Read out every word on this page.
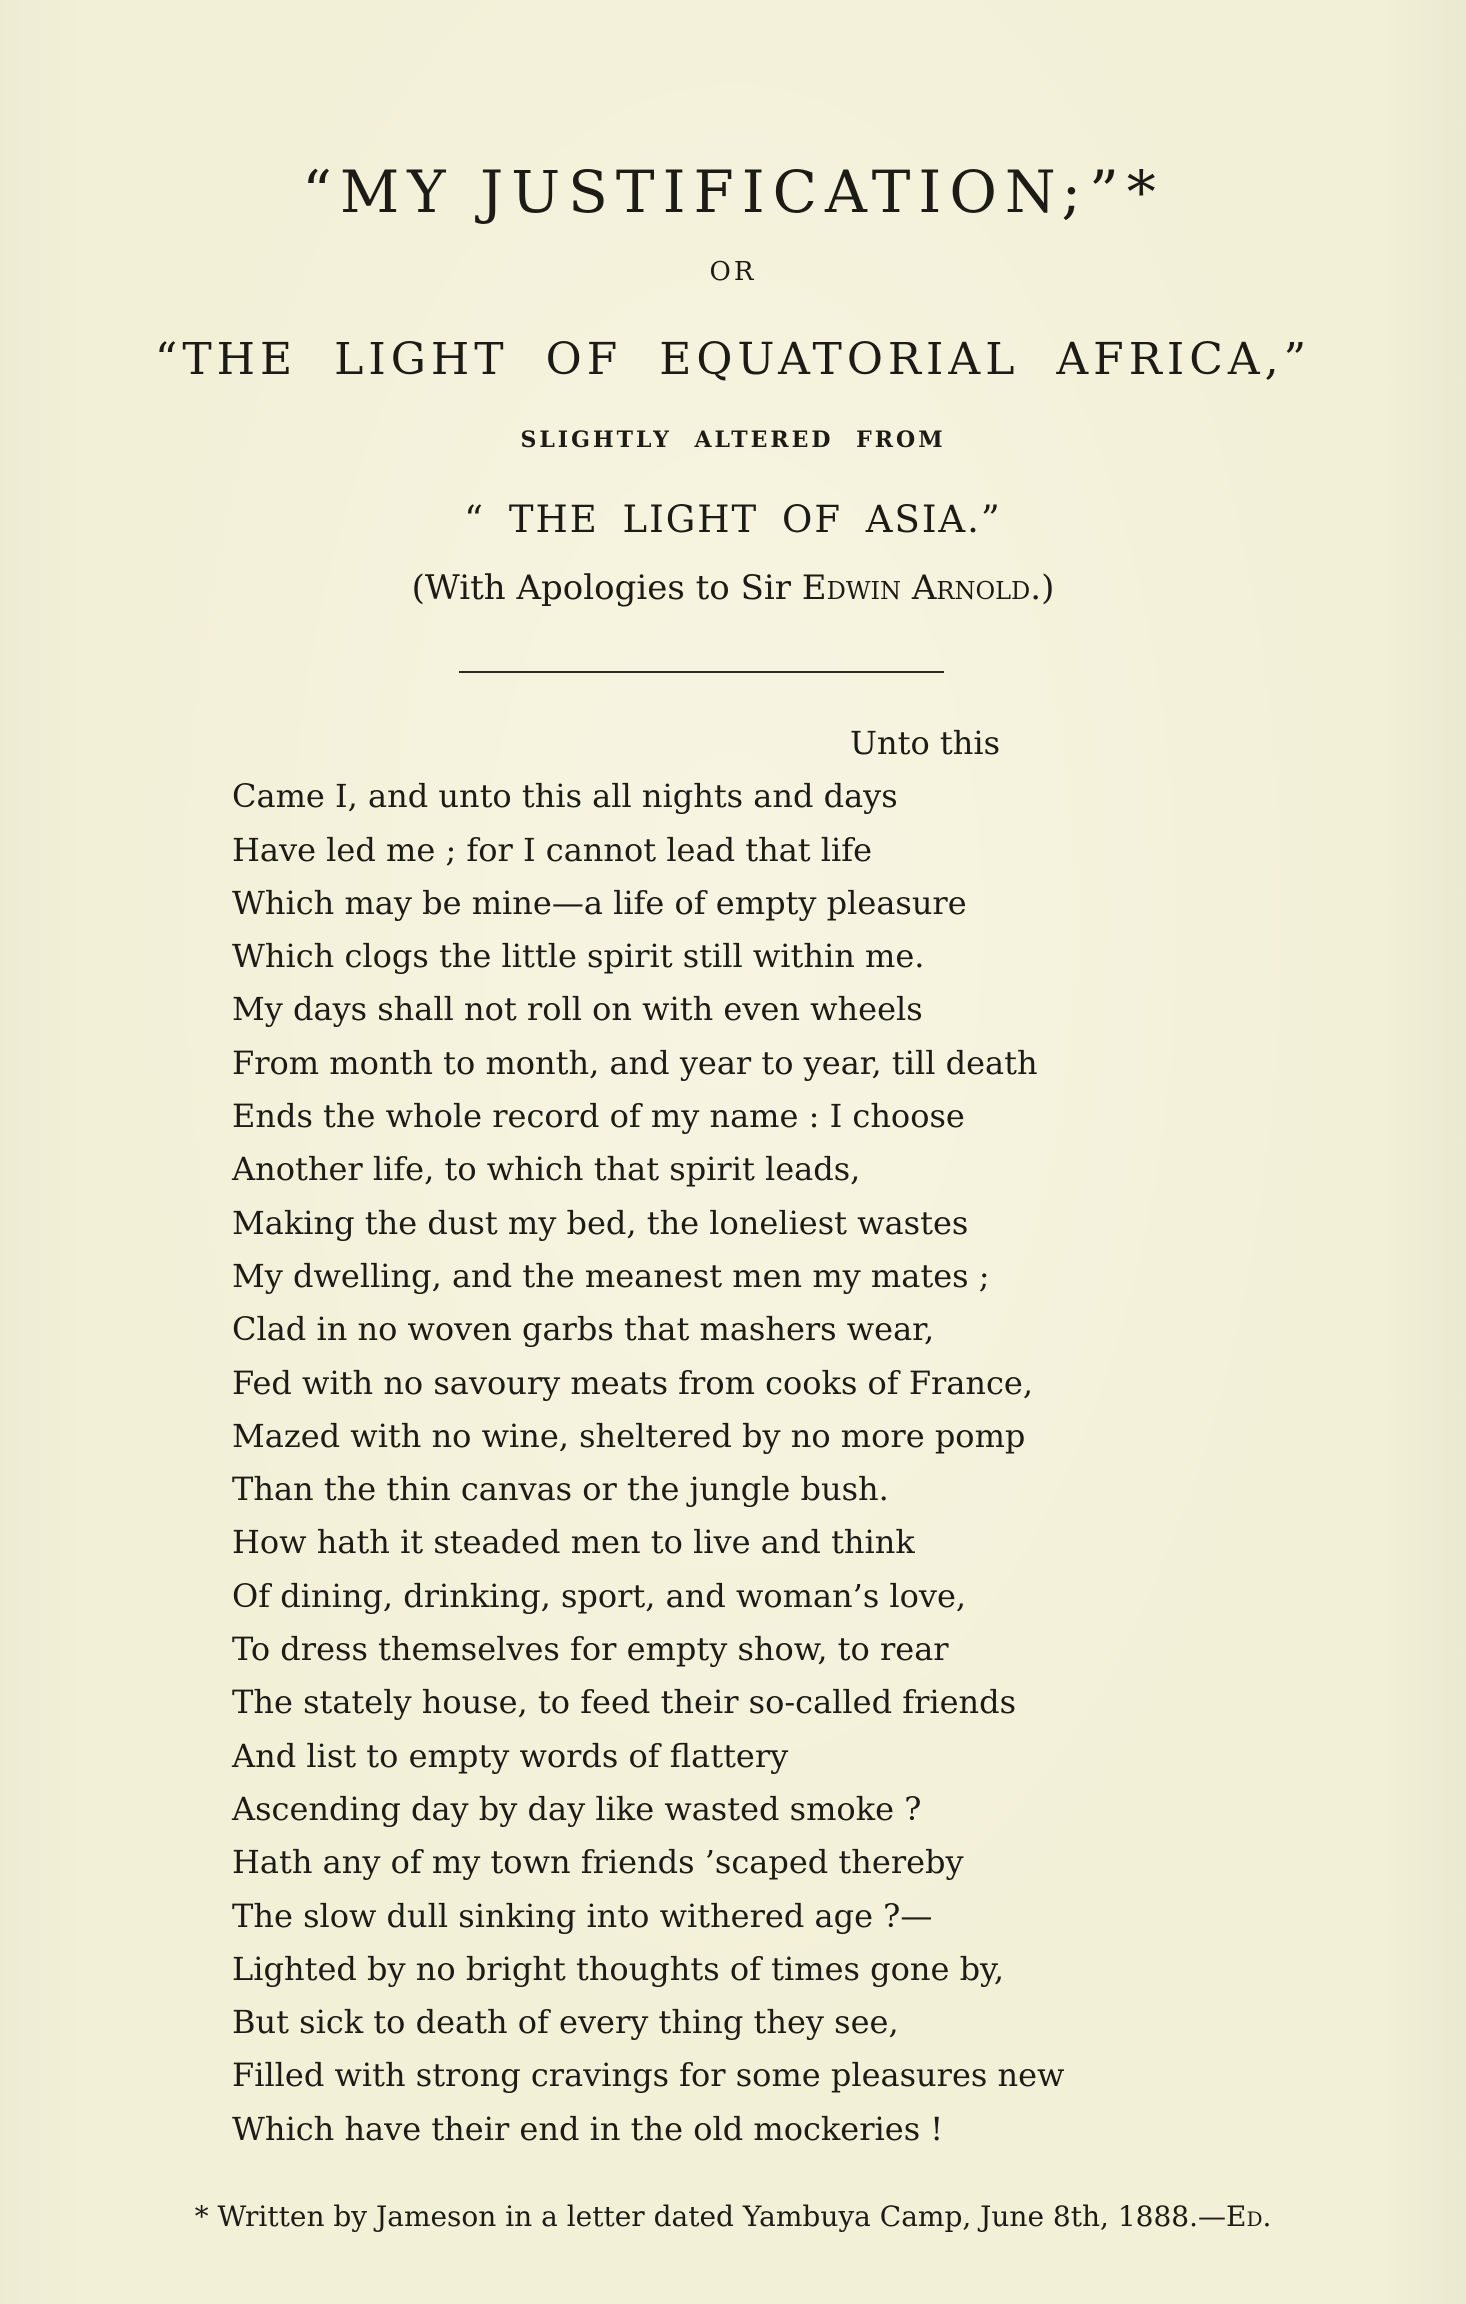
“MY JUSTIFICATION;”*
OR
“THE LIGHT OF EQUATORIAL AFRICA,”
SLIGHTLY ALTERED FROM
“ THE LIGHT OF ASIA.”
(With Apologies to Sir Edwin Arnold.)
Unto this
Came I, and unto this all nights and days
Have led me ; for I cannot lead that life
Which may be mine—a life of empty pleasure
Which clogs the little spirit still within me.
My days shall not roll on with even wheels
From month to month, and year to year, till death
Ends the whole record of my name : I choose
Another life, to which that spirit leads,
Making the dust my bed, the loneliest wastes
My dwelling, and the meanest men my mates ;
Clad in no woven garbs that mashers wear,
Fed with no savoury meats from cooks of France,
Mazed with no wine, sheltered by no more pomp
Than the thin canvas or the jungle bush.
How hath it steaded men to live and think
Of dining, drinking, sport, and woman’s love,
To dress themselves for empty show, to rear
The stately house, to feed their so-called friends
And list to empty words of flattery
Ascending day by day like wasted smoke ?
Hath any of my town friends ’scaped thereby
The slow dull sinking into withered age ?—
Lighted by no bright thoughts of times gone by,
But sick to death of every thing they see,
Filled with strong cravings for some pleasures new
Which have their end in the old mockeries !
* Written by Jameson in a letter dated Yambuya Camp, June 8th, 1888.—Ed.
